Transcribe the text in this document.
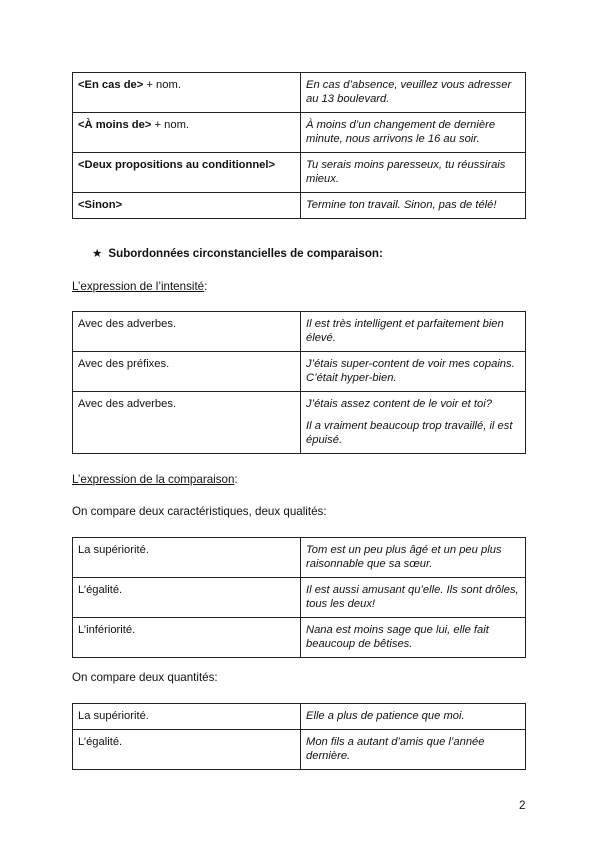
<En cas de> + nom.	En cas d’absence, veuillez vous adresser au 13 boulevard.
<À moins de> + nom.	À moins d’un changement de dernière minute, nous arrivons le 16 au soir.
<Deux propositions au conditionnel>	Tu serais moins paresseux, tu réussirais mieux.
<Sinon>	Termine ton travail. Sinon, pas de télé!
★ Subordonnées circonstancielles de comparaison:
L’expression de l’intensité:
Avec des adverbes.	Il est très intelligent et parfaitement bien élevé.
Avec des préfixes.	J’étais super-content de voir mes copains. C’était hyper-bien.
Avec des adverbes.	J’étais assez content de le voir et toi?

Il a vraiment beaucoup trop travaillé, il est épuisé.

L’expression de la comparaison:
On compare deux caractéristiques, deux qualités:
La supériorité.	Tom est un peu plus âgé et un peu plus raisonnable que sa sœur.
L’égalité.	Il est aussi amusant qu’elle. Ils sont drôles, tous les deux!
L’infériorité.	Nana est moins sage que lui, elle fait beaucoup de bêtises.
On compare deux quantités:
La supériorité.	Elle a plus de patience que moi.
L’égalité.	Mon fils a autant d’amis que l’année dernière.
2
